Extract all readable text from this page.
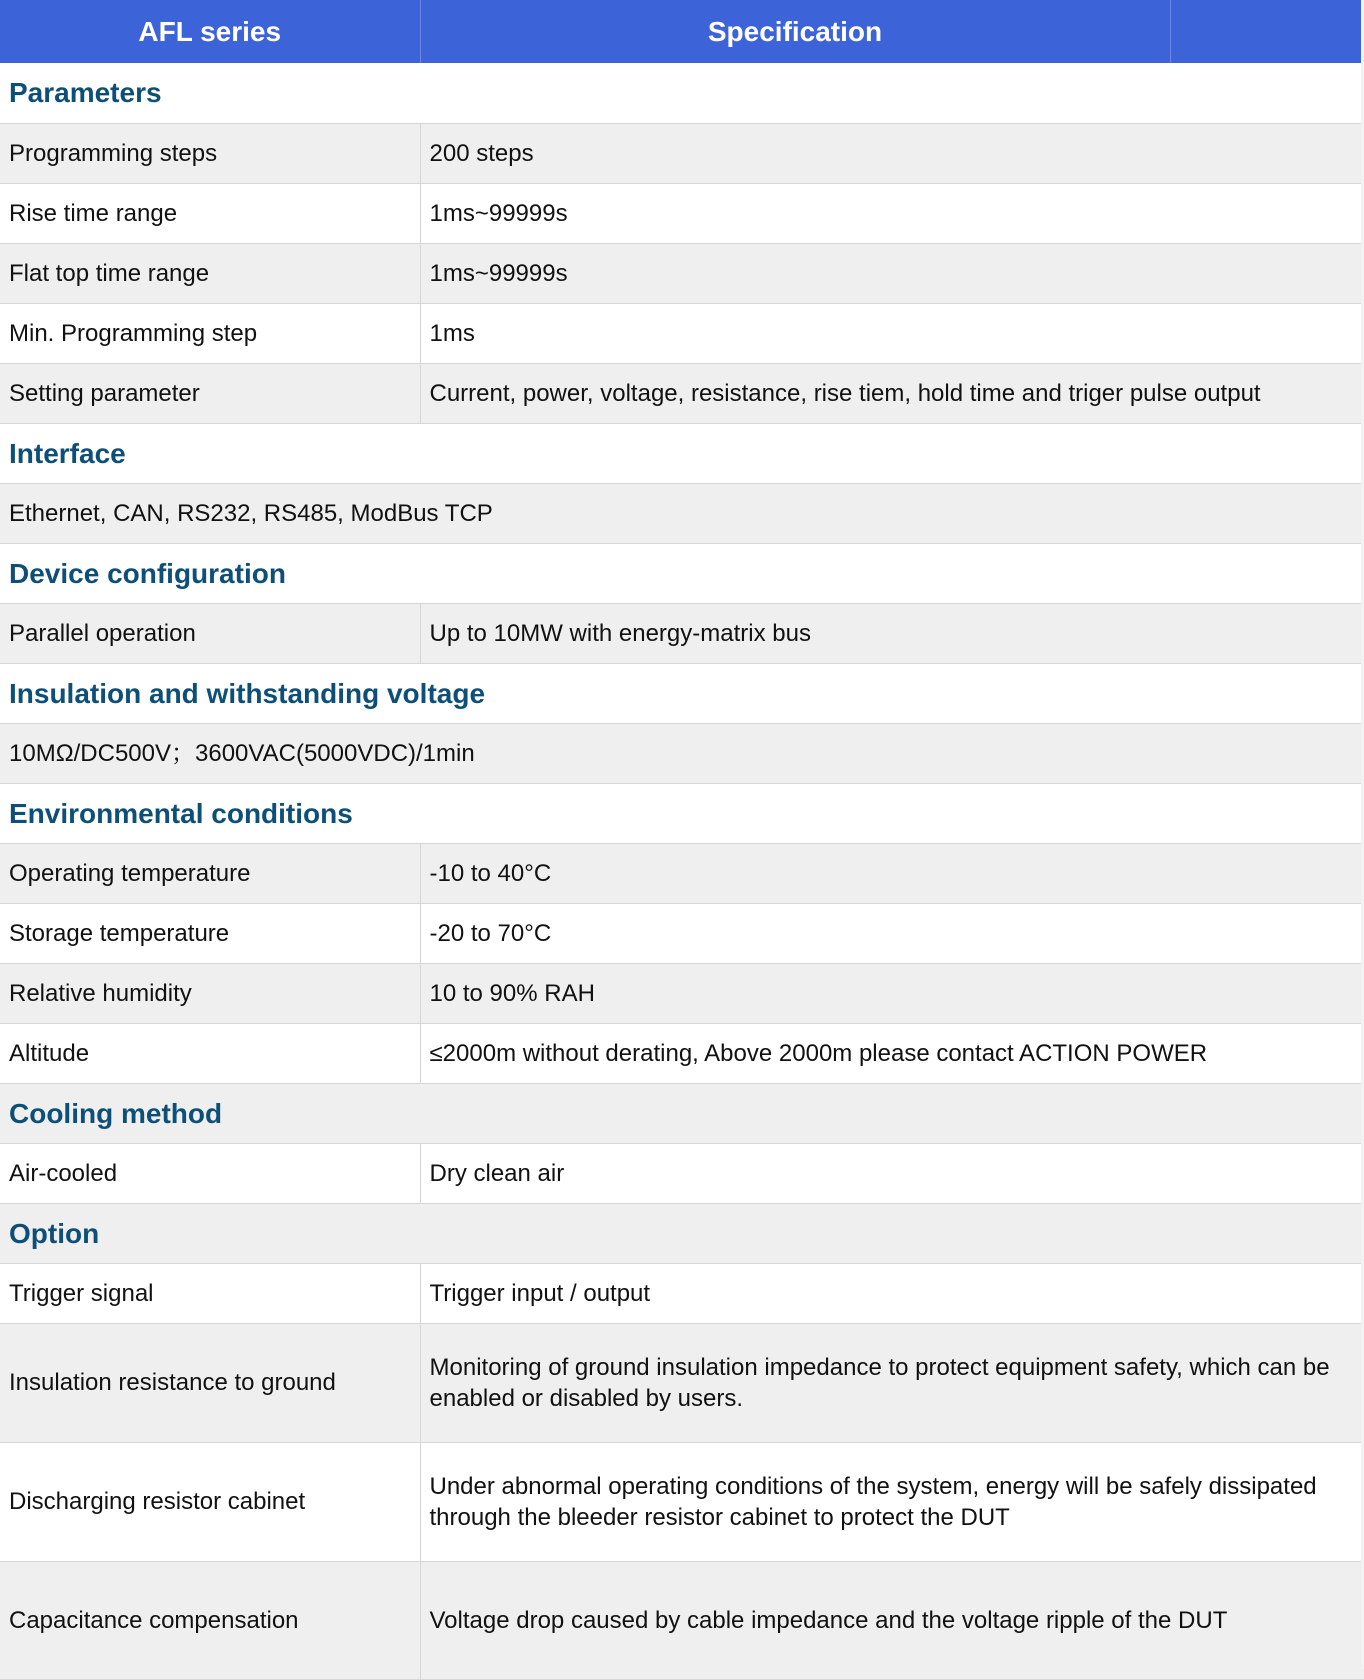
AFL series	Specification	
Parameters		
Programming steps	200 steps	
Rise time range	1ms~99999s	
Flat top time range	1ms~99999s	
Min. Programming step	1ms	
Setting parameter	Current, power, voltage, resistance, rise tiem, hold time and triger pulse output	
Interface		
Ethernet, CAN, RS232, RS485, ModBus TCP		
Device configuration		
Parallel operation	Up to 10MW with energy-matrix bus	
Insulation and withstanding voltage		
10MΩ/DC500V；3600VAC(5000VDC)/1min		
Environmental conditions		
Operating temperature	-10 to 40°C	
Storage temperature	-20 to 70°C	
Relative humidity	10 to 90% RAH	
Altitude	≤2000m without derating, Above 2000m please contact ACTION POWER	
Cooling method		
Air-cooled	Dry clean air	
Option		
Trigger signal	Trigger input / output	
Insulation resistance to ground	Monitoring of ground insulation impedance to protect equipment safety, which can be enabled or disabled by users.	
Discharging resistor cabinet	Under abnormal operating conditions of the system, energy will be safely dissipated through the bleeder resistor cabinet to protect the DUT	
Capacitance compensation	Voltage drop caused by cable impedance and the voltage ripple of the DUT	
